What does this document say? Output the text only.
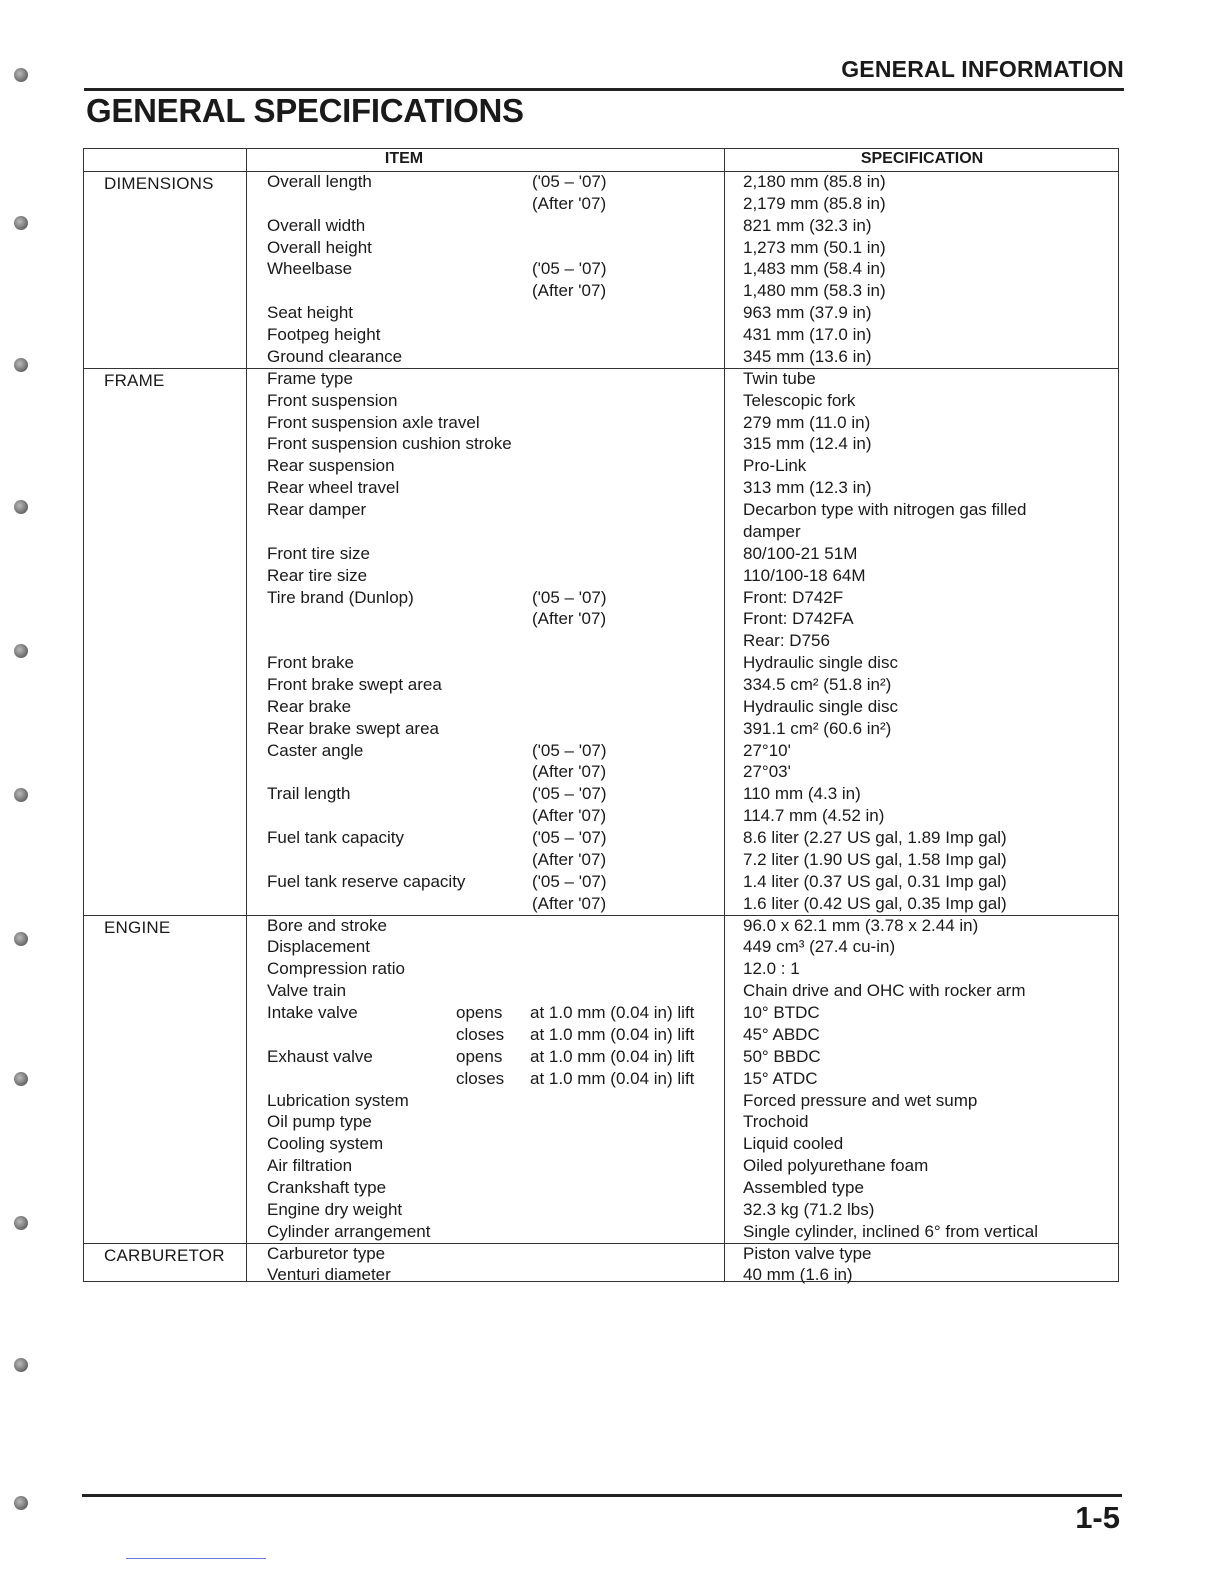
GENERAL INFORMATION
GENERAL SPECIFICATIONS
ITEM	SPECIFICATION
DIMENSIONS	Overall length	('05 – '07)	2,180 mm (85.8 in)
(After '07)	2,179 mm (85.8 in)
Overall width	821 mm (32.3 in)
Overall height	1,273 mm (50.1 in)
Wheelbase	('05 – '07)	1,483 mm (58.4 in)
(After '07)	1,480 mm (58.3 in)
Seat height	963 mm (37.9 in)
Footpeg height	431 mm (17.0 in)
Ground clearance	345 mm (13.6 in)
FRAME	Frame type	Twin tube
Front suspension	Telescopic fork
Front suspension axle travel	279 mm (11.0 in)
Front suspension cushion stroke	315 mm (12.4 in)
Rear suspension	Pro-Link
Rear wheel travel	313 mm (12.3 in)
Rear damper	Decarbon type with nitrogen gas filled
damper
Front tire size	80/100-21 51M
Rear tire size	110/100-18 64M
Tire brand (Dunlop)	('05 – '07)	Front: D742F
(After '07)	Front: D742FA
Rear: D756
Front brake	Hydraulic single disc
Front brake swept area	334.5 cm² (51.8 in²)
Rear brake	Hydraulic single disc
Rear brake swept area	391.1 cm² (60.6 in²)
Caster angle	('05 – '07)	27°10'
(After '07)	27°03'
Trail length	('05 – '07)	110 mm (4.3 in)
(After '07)	114.7 mm (4.52 in)
Fuel tank capacity	('05 – '07)	8.6 liter (2.27 US gal, 1.89 Imp gal)
(After '07)	7.2 liter (1.90 US gal, 1.58 Imp gal)
Fuel tank reserve capacity	('05 – '07)	1.4 liter (0.37 US gal, 0.31 Imp gal)
(After '07)	1.6 liter (0.42 US gal, 0.35 Imp gal)
ENGINE	Bore and stroke	96.0 x 62.1 mm (3.78 x 2.44 in)
Displacement	449 cm³ (27.4 cu-in)
Compression ratio	12.0 : 1
Valve train	Chain drive and OHC with rocker arm
Intake valve	opens at 1.0 mm (0.04 in) lift	10° BTDC
closes at 1.0 mm (0.04 in) lift	45° ABDC
Exhaust valve	opens at 1.0 mm (0.04 in) lift	50° BBDC
closes at 1.0 mm (0.04 in) lift	15° ATDC
Lubrication system	Forced pressure and wet sump
Oil pump type	Trochoid
Cooling system	Liquid cooled
Air filtration	Oiled polyurethane foam
Crankshaft type	Assembled type
Engine dry weight	32.3 kg (71.2 lbs)
Cylinder arrangement	Single cylinder, inclined 6° from vertical
CARBURETOR Carburetor type	Piston valve type
Venturi diameter	40 mm (1.6 in)
1-5
